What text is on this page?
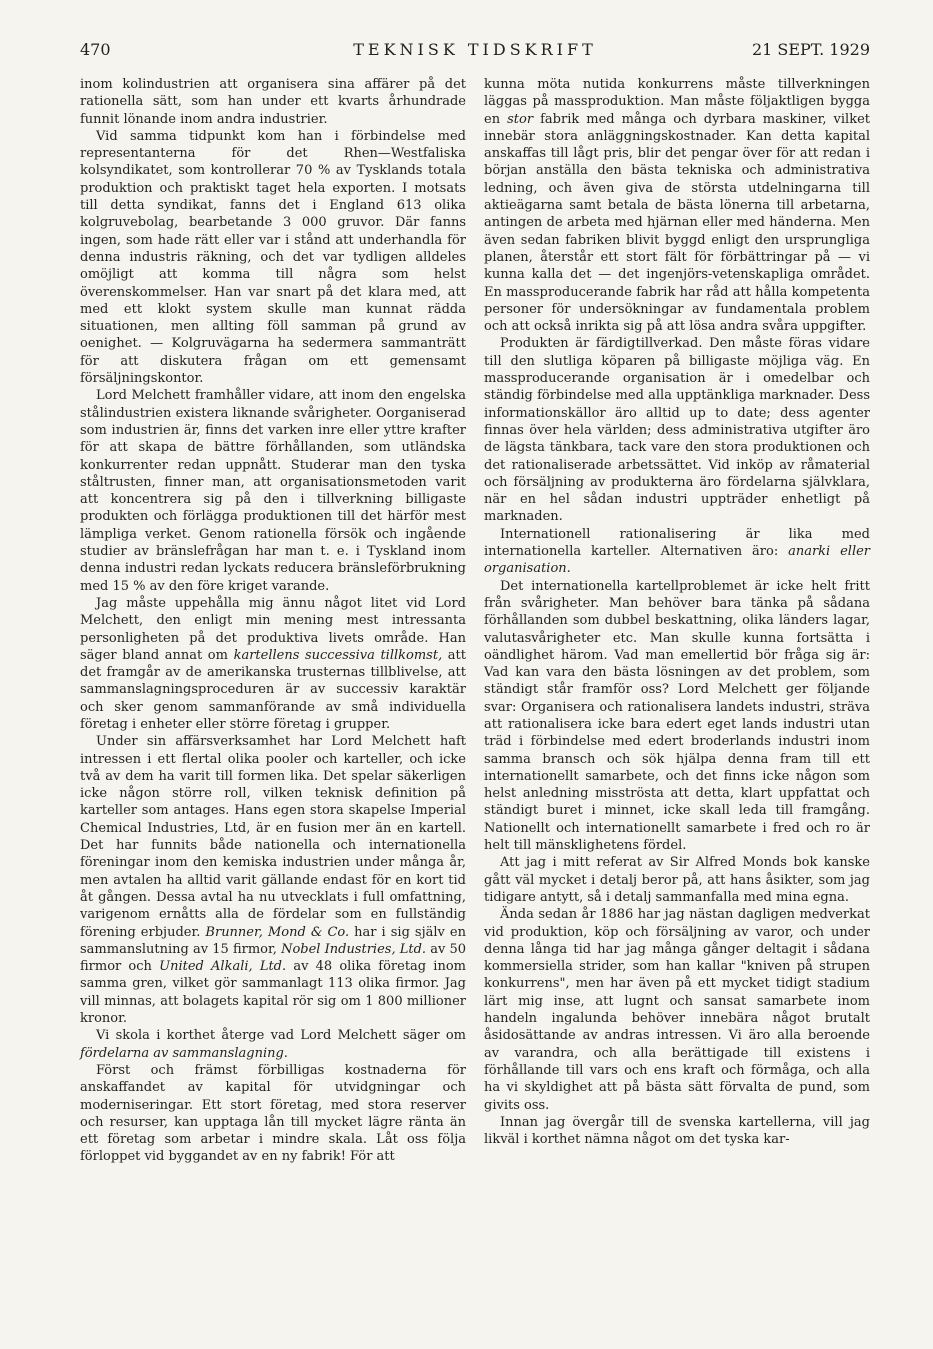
470	TEKNISK TIDSKRIFT	21 SEPT. 1929

inom kolindustrien att organisera sina affärer på det rationella sätt, som han under ett kvarts århundrade funnit lönande inom andra industrier.

Vid samma tidpunkt kom han i förbindelse med representanterna för det Rhen—Westfaliska kolsyndikatet, som kontrollerar 70 % av Tysklands totala produktion och praktiskt taget hela exporten. I motsats till detta syndikat, fanns det i England 613 olika kolgruvebolag, bearbetande 3 000 gruvor. Där fanns ingen, som hade rätt eller var i stånd att underhandla för denna industris räkning, och det var tydligen alldeles omöjligt att komma till några som helst överenskommelser. Han var snart på det klara med, att med ett klokt system skulle man kunnat rädda situationen, men allting föll samman på grund av oenighet. — Kolgruvägarna ha sedermera sammanträtt för att diskutera frågan om ett gemensamt försäljningskontor.

Lord Melchett framhåller vidare, att inom den engelska stålindustrien existera liknande svårigheter. Oorganiserad som industrien är, finns det varken inre eller yttre krafter för att skapa de bättre förhållanden, som utländska konkurrenter redan uppnått. Studerar man den tyska ståltrusten, finner man, att organisationsmetoden varit att koncentrera sig på den i tillverkning billigaste produkten och förlägga produktionen till det härför mest lämpliga verket. Genom rationella försök och ingående studier av bränslefrågan har man t. e. i Tyskland inom denna industri redan lyckats reducera bränsleförbrukning med 15 % av den före kriget varande.

Jag måste uppehålla mig ännu något litet vid Lord Melchett, den enligt min mening mest intressanta personligheten på det produktiva livets område. Han säger bland annat om kartellens successiva tillkomst, att det framgår av de amerikanska trusternas tillblivelse, att sammanslagningsproceduren är av successiv karaktär och sker genom sammanförande av små individuella företag i enheter eller större företag i grupper.

Under sin affärsverksamhet har Lord Melchett haft intressen i ett flertal olika pooler och karteller, och icke två av dem ha varit till formen lika. Det spelar säkerligen icke någon större roll, vilken teknisk definition på karteller som antages. Hans egen stora skapelse Imperial Chemical Industries, Ltd, är en fusion mer än en kartell. Det har funnits både nationella och internationella föreningar inom den kemiska industrien under många år, men avtalen ha alltid varit gällande endast för en kort tid åt gången. Dessa avtal ha nu utvecklats i full omfattning, varigenom ernåtts alla de fördelar som en fullständig förening erbjuder. Brunner, Mond & Co. har i sig själv en sammanslutning av 15 firmor, Nobel Industries, Ltd. av 50 firmor och United Alkali, Ltd. av 48 olika företag inom samma gren, vilket gör sammanlagt 113 olika firmor. Jag vill minnas, att bolagets kapital rör sig om 1 800 millioner kronor.

Vi skola i korthet återge vad Lord Melchett säger om fördelarna av sammanslagning.

Först och främst förbilligas kostnaderna för anskaffandet av kapital för utvidgningar och moderniseringar. Ett stort företag, med stora reserver och resurser, kan upptaga lån till mycket lägre ränta än ett företag som arbetar i mindre skala. Låt oss följa förloppet vid byggandet av en ny fabrik! För att

kunna möta nutida konkurrens måste tillverkningen läggas på massproduktion. Man måste följaktligen bygga en stor fabrik med många och dyrbara maskiner, vilket innebär stora anläggningskostnader. Kan detta kapital anskaffas till lågt pris, blir det pengar över för att redan i början anställa den bästa tekniska och administrativa ledning, och även giva de största utdelningarna till aktieägarna samt betala de bästa lönerna till arbetarna, antingen de arbeta med hjärnan eller med händerna. Men även sedan fabriken blivit byggd enligt den ursprungliga planen, återstår ett stort fält för förbättringar på — vi kunna kalla det — det ingenjörs-vetenskapliga området. En massproducerande fabrik har råd att hålla kompetenta personer för undersökningar av fundamentala problem och att också inrikta sig på att lösa andra svåra uppgifter.

Produkten är färdigtillverkad. Den måste föras vidare till den slutliga köparen på billigaste möjliga väg. En massproducerande organisation är i omedelbar och ständig förbindelse med alla upptänkliga marknader. Dess informationskällor äro alltid up to date; dess agenter finnas över hela världen; dess administrativa utgifter äro de lägsta tänkbara, tack vare den stora produktionen och det rationaliserade arbetssättet. Vid inköp av råmaterial och försäljning av produkterna äro fördelarna självklara, när en hel sådan industri uppträder enhetligt på marknaden.

Internationell rationalisering är lika med internationella karteller. Alternativen äro: anarki eller organisation.

Det internationella kartellproblemet är icke helt fritt från svårigheter. Man behöver bara tänka på sådana förhållanden som dubbel beskattning, olika länders lagar, valutasvårigheter etc. Man skulle kunna fortsätta i oändlighet härom. Vad man emellertid bör fråga sig är: Vad kan vara den bästa lösningen av det problem, som ständigt står framför oss? Lord Melchett ger följande svar: Organisera och rationalisera landets industri, sträva att rationalisera icke bara edert eget lands industri utan träd i förbindelse med edert broderlands industri inom samma bransch och sök hjälpa denna fram till ett internationellt samarbete, och det finns icke någon som helst anledning misströsta att detta, klart uppfattat och ständigt buret i minnet, icke skall leda till framgång. Nationellt och internationellt samarbete i fred och ro är helt till mänsklighetens fördel.

Att jag i mitt referat av Sir Alfred Monds bok kanske gått väl mycket i detalj beror på, att hans åsikter, som jag tidigare antytt, så i detalj sammanfalla med mina egna.

Ända sedan år 1886 har jag nästan dagligen medverkat vid produktion, köp och försäljning av varor, och under denna långa tid har jag många gånger deltagit i sådana kommersiella strider, som han kallar "kniven på strupen konkurrens", men har även på ett mycket tidigt stadium lärt mig inse, att lugnt och sansat samarbete inom handeln ingalunda behöver innebära något brutalt åsidosättande av andras intressen. Vi äro alla beroende av varandra, och alla berättigade till existens i förhållande till vars och ens kraft och förmåga, och alla ha vi skyldighet att på bästa sätt förvalta de pund, som givits oss.

Innan jag övergår till de svenska kartellerna, vill jag likväl i korthet nämna något om det tyska kar-
